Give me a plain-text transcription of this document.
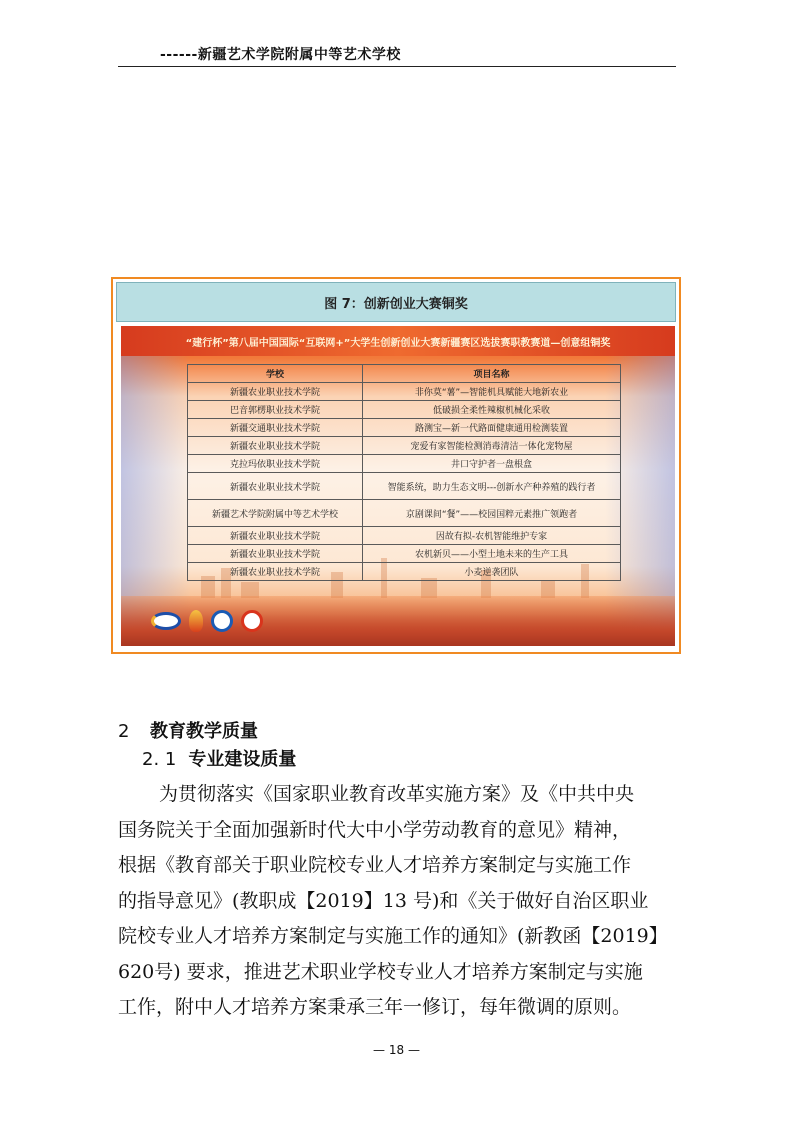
------新疆艺术学院附属中等艺术学校
图 7：创新创业大赛铜奖
“建行杯”第八届中国国际“互联网+”大学生创新创业大赛新疆赛区选拔赛职教赛道—创意组铜奖
学校	项目名称
新疆农业职业技术学院	非你莫“薯”—智能机具赋能大地新农业
巴音郭楞职业技术学院	低破损全柔性辣椒机械化采收
新疆交通职业技术学院	路测宝—新一代路面健康通用检测装置
新疆农业职业技术学院	宠爱有家智能检测消毒清洁一体化宠物屋
克拉玛依职业技术学院	井口守护者一盘根盒
新疆农业职业技术学院	智能系统，助力生态文明---创新水产种养殖的践行者
新疆艺术学院附属中等艺术学校	京剧课间“餐”——校园国粹元素推广领跑者
新疆农业职业技术学院	因故有拟-农机智能维护专家
新疆农业职业技术学院	农机新贝——小型土地未来的生产工具
新疆农业职业技术学院	小麦逆袭团队
2 教育教学质量
2. 1 专业建设质量

为贯彻落实《国家职业教育改革实施方案》及《中共中央

国务院关于全面加强新时代大中小学劳动教育的意见》精神，

根据《教育部关于职业院校专业人才培养方案制定与实施工作

的指导意见》(教职成【2019】13 号)和《关于做好自治区职业

院校专业人才培养方案制定与实施工作的通知》(新教函【2019】

620号) 要求，推进艺术职业学校专业人才培养方案制定与实施

工作，附中人才培养方案秉承三年一修订，每年微调的原则。

— 18 —
